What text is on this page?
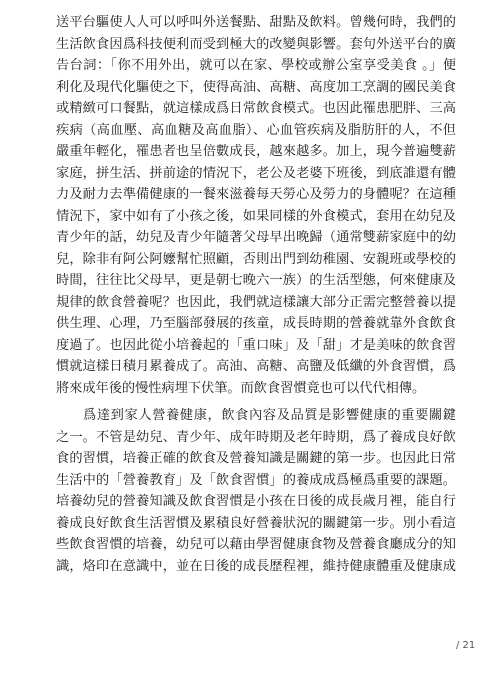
送平台驅使人人可以呼叫外送餐點、甜點及飲料。曾幾何時，我們的
生活飲食因爲科技便利而受到極大的改變與影響。套句外送平台的廣
告台詞：「你不用外出，就可以在家、學校或辦公室享受美食 。」便
利化及現代化驅使之下，使得高油、高糖、高度加工烹調的國民美食
或精緻可口餐點，就這樣成爲日常飲食模式。也因此罹患肥胖、三高
疾病（高血壓、高血糖及高血脂）、心血管疾病及脂肪肝的人，不但
嚴重年輕化，罹患者也呈倍數成長，越來越多。加上，現今普遍雙薪
家庭，拼生活、拼前途的情況下，老公及老婆下班後，到底誰還有體
力及耐力去準備健康的一餐來滋養每天勞心及勞力的身體呢？在這種
情況下，家中如有了小孩之後，如果同樣的外食模式，套用在幼兒及
青少年的話，幼兒及青少年隨著父母早出晚歸（通常雙薪家庭中的幼
兒，除非有阿公阿嬤幫忙照顧，否則出門到幼稚園、安親班或學校的
時間，往往比父母早，更是朝七晚六一族）的生活型態，何來健康及
規律的飲食營養呢？也因此，我們就這樣讓大部分正需完整營養以提
供生理、心理，乃至腦部發展的孩童，成長時期的營養就靠外食飲食
度過了。也因此從小培養起的「重口味」及「甜」才是美味的飲食習
慣就這樣日積月累養成了。高油、高糖、高鹽及低纖的外食習慣，爲
將來成年後的慢性病埋下伏筆。而飲食習慣竟也可以代代相傳。
爲達到家人營養健康，飲食內容及品質是影響健康的重要關鍵
之一。不管是幼兒、青少年、成年時期及老年時期，爲了養成良好飲
食的習慣，培養正確的飲食及營養知識是關鍵的第一步。也因此日常
生活中的「營養教育」及「飲食習慣」的養成成爲極爲重要的課題。
培養幼兒的營養知識及飲食習慣是小孩在日後的成長歲月裡，能自行
養成良好飲食生活習慣及累積良好營養狀況的關鍵第一步。別小看這
些飲食習慣的培養，幼兒可以藉由學習健康食物及營養食廳成分的知
識，烙印在意識中，並在日後的成長歷程裡，維持健康體重及健康成
/ 21
